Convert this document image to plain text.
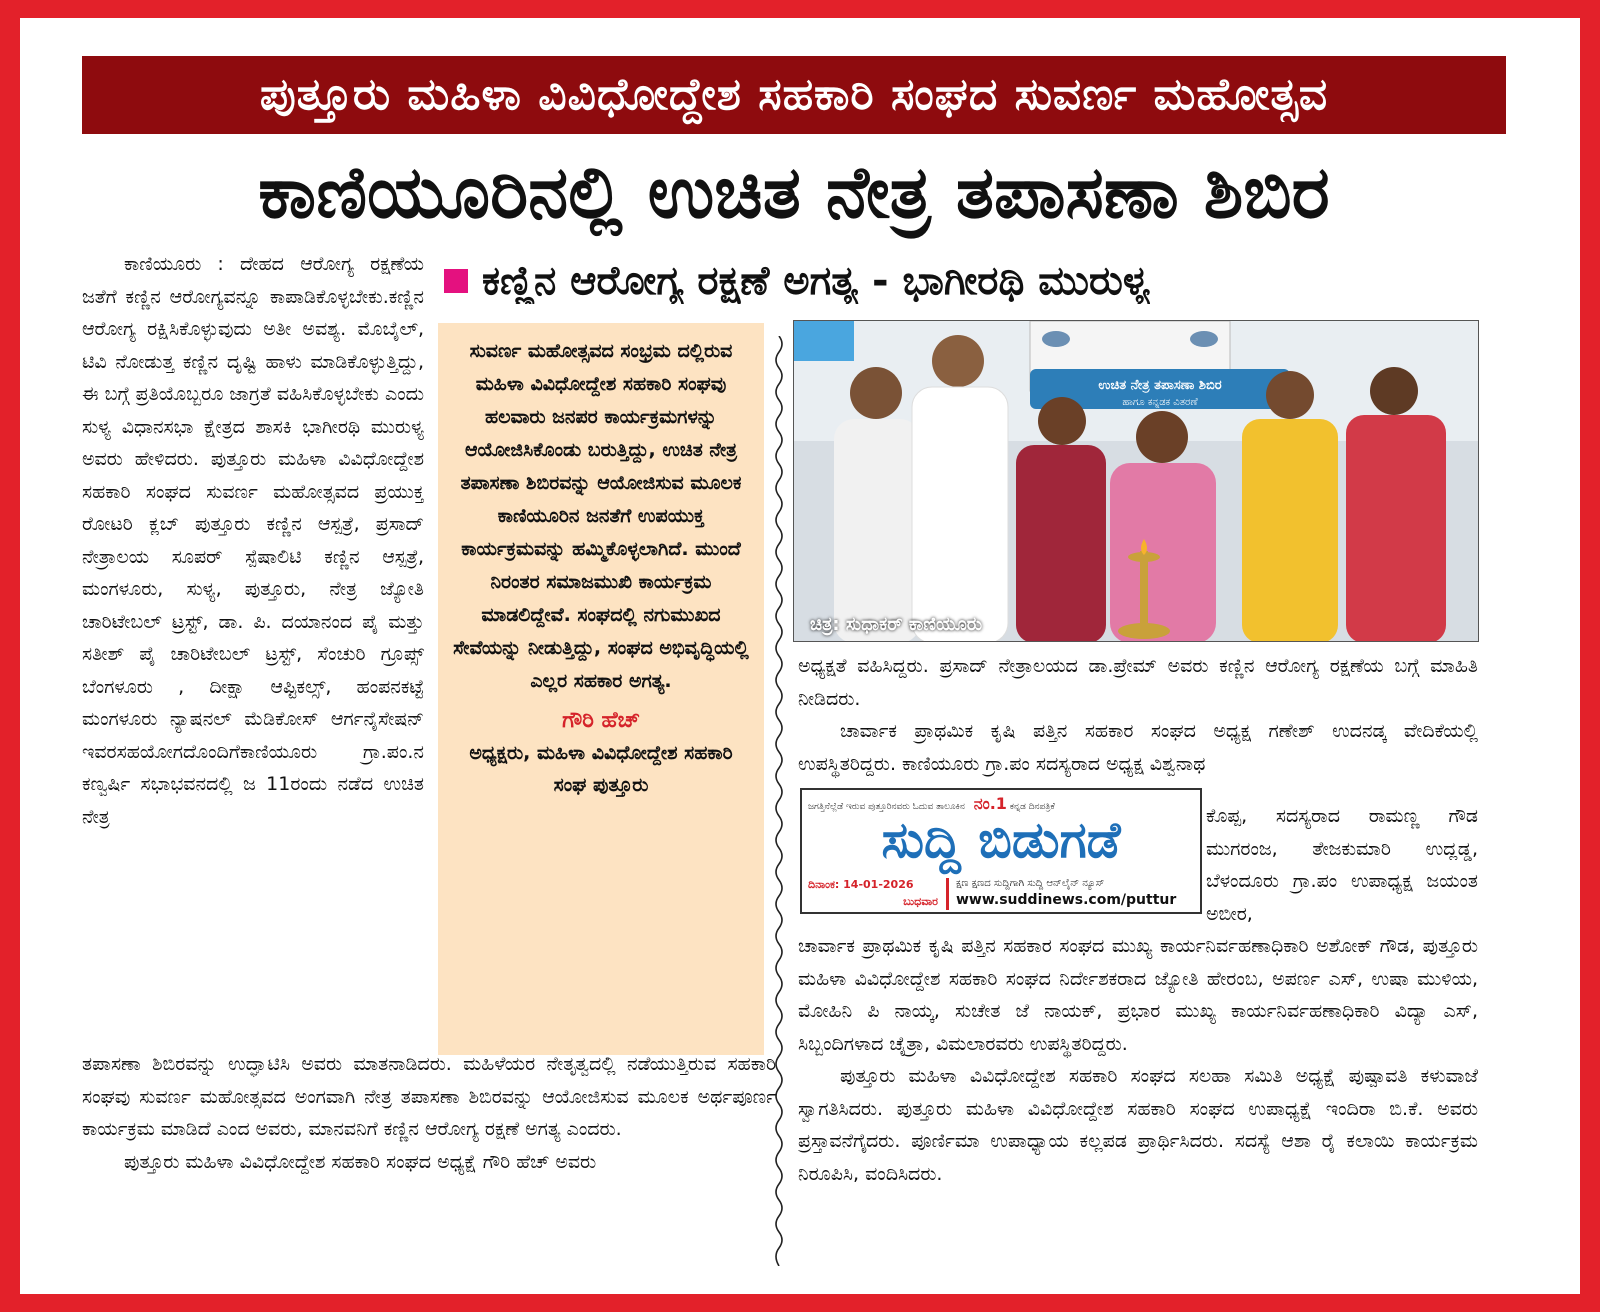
ಪುತ್ತೂರು ಮಹಿಳಾ ವಿವಿಧೋದ್ದೇಶ ಸಹಕಾರಿ ಸಂಘದ ಸುವರ್ಣ ಮಹೋತ್ಸವ
ಕಾಣಿಯೂರಿನಲ್ಲಿ ಉಚಿತ ನೇತ್ರ ತಪಾಸಣಾ ಶಿಬಿರ
ಕಣ್ಣಿನ ಆರೋಗ್ಯ ರಕ್ಷಣೆ ಅಗತ್ಯ - ಭಾಗೀರಥಿ ಮುರುಳ್ಯ

ಕಾಣಿಯೂರು : ದೇಹದ ಆರೋಗ್ಯ ರಕ್ಷಣೆಯ ಜತೆಗೆ ಕಣ್ಣಿನ ಆರೋಗ್ಯವನ್ನೂ ಕಾಪಾಡಿಕೊಳ್ಳಬೇಕು.ಕಣ್ಣಿನ ಆರೋಗ್ಯ ರಕ್ಷಿಸಿಕೊಳ್ಳುವುದು ಅತೀ ಅವಶ್ಯ. ಮೊಬೈಲ್, ಟಿವಿ ನೋಡುತ್ತ ಕಣ್ಣಿನ ದೃಷ್ಟಿ ಹಾಳು ಮಾಡಿಕೊಳ್ಳುತ್ತಿದ್ದು, ಈ ಬಗ್ಗೆ ಪ್ರತಿಯೊಬ್ಬರೂ ಜಾಗ್ರತೆ ವಹಿಸಿಕೊಳ್ಳಬೇಕು ಎಂದು ಸುಳ್ಯ ವಿಧಾನಸಭಾ ಕ್ಷೇತ್ರದ ಶಾಸಕಿ ಭಾಗೀರಥಿ ಮುರುಳ್ಯ ಅವರು ಹೇಳಿದರು. ಪುತ್ತೂರು ಮಹಿಳಾ ವಿವಿಧೋದ್ದೇಶ ಸಹಕಾರಿ ಸಂಘದ ಸುವರ್ಣ ಮಹೋತ್ಸವದ ಪ್ರಯುಕ್ತ ರೋಟರಿ ಕ್ಲಬ್ ಪುತ್ತೂರು ಕಣ್ಣಿನ ಆಸ್ಪತ್ರೆ, ಪ್ರಸಾದ್ ನೇತ್ರಾಲಯ ಸೂಪರ್ ಸ್ಪೆಷಾಲಿಟಿ ಕಣ್ಣಿನ ಆಸ್ಪತ್ರೆ, ಮಂಗಳೂರು, ಸುಳ್ಯ, ಪುತ್ತೂರು, ನೇತ್ರ ಜ್ಯೋತಿ ಚಾರಿಟೇಬಲ್ ಟ್ರಸ್ಟ್, ಡಾ. ಪಿ. ದಯಾನಂದ ಪೈ ಮತ್ತು ಸತೀಶ್ ಪೈ ಚಾರಿಟೇಬಲ್ ಟ್ರಸ್ಟ್, ಸೆಂಚುರಿ ಗ್ರೂಪ್ಸ್ ಬೆಂಗಳೂರು , ದೀಕ್ಷಾ ಆಪ್ಟಿಕಲ್ಸ್, ಹಂಪನಕಟ್ಟೆ ಮಂಗಳೂರು ನ್ಯಾಷನಲ್ ಮೆಡಿಕೋಸ್ ಆರ್ಗನೈಸೇಷನ್ ಇವರಸಹಯೋಗದೊಂದಿಗೆಕಾಣಿಯೂರು ಗ್ರಾ.ಪಂ.ನ ಕಣ್ವರ್ಷಿ ಸಭಾಭವನದಲ್ಲಿ ಜ 11ರಂದು ನಡೆದ ಉಚಿತ ನೇತ್ರ

ಸುವರ್ಣ ಮಹೋತ್ಸವದ ಸಂಭ್ರಮ ದಲ್ಲಿರುವ ಮಹಿಳಾ ವಿವಿಧೋದ್ದೇಶ ಸಹಕಾರಿ ಸಂಘವು ಹಲವಾರು ಜನಪರ ಕಾರ್ಯಕ್ರಮಗಳನ್ನು ಆಯೋಜಿಸಿಕೊಂಡು ಬರುತ್ತಿದ್ದು, ಉಚಿತ ನೇತ್ರ ತಪಾಸಣಾ ಶಿಬಿರವನ್ನು ಆಯೋಜಿಸುವ ಮೂಲಕ ಕಾಣಿಯೂರಿನ ಜನತೆಗೆ ಉಪಯುಕ್ತ ಕಾರ್ಯಕ್ರಮವನ್ನು ಹಮ್ಮಿಕೊಳ್ಳಲಾಗಿದೆ. ಮುಂದೆ ನಿರಂತರ ಸಮಾಜಮುಖಿ ಕಾರ್ಯಕ್ರಮ ಮಾಡಲಿದ್ದೇವೆ. ಸಂಘದಲ್ಲಿ ನಗುಮುಖದ ಸೇವೆಯನ್ನು ನೀಡುತ್ತಿದ್ದು, ಸಂಘದ ಅಭಿವೃದ್ಧಿಯಲ್ಲಿ ಎಲ್ಲರ ಸಹಕಾರ ಅಗತ್ಯ.
ಗೌರಿ ಹೆಚ್
ಅಧ್ಯಕ್ಷರು, ಮಹಿಳಾ ವಿವಿಧೋದ್ದೇಶ ಸಹಕಾರಿ ಸಂಘ ಪುತ್ತೂರು

ತಪಾಸಣಾ ಶಿಬಿರವನ್ನು ಉದ್ಘಾಟಿಸಿ ಅವರು ಮಾತನಾಡಿದರು. ಮಹಿಳೆಯರ ನೇತೃತ್ವದಲ್ಲಿ ನಡೆಯುತ್ತಿರುವ ಸಹಕಾರಿ ಸಂಘವು ಸುವರ್ಣ ಮಹೋತ್ಸವದ ಅಂಗವಾಗಿ ನೇತ್ರ ತಪಾಸಣಾ ಶಿಬಿರವನ್ನು ಆಯೋಜಿಸುವ ಮೂಲಕ ಅರ್ಥಪೂರ್ಣ ಕಾರ್ಯಕ್ರಮ ಮಾಡಿದೆ ಎಂದ ಅವರು, ಮಾನವನಿಗೆ ಕಣ್ಣಿನ ಆರೋಗ್ಯ ರಕ್ಷಣೆ ಅಗತ್ಯ ಎಂದರು.

ಪುತ್ತೂರು ಮಹಿಳಾ ವಿವಿಧೋದ್ದೇಶ ಸಹಕಾರಿ ಸಂಘದ ಅಧ್ಯಕ್ಷೆ ಗೌರಿ ಹೆಚ್ ಅವರು

ಉಚಿತ ನೇತ್ರ ತಪಾಸಣಾ ಶಿಬಿರ
ಹಾಗೂ ಕನ್ನಡಕ ವಿತರಣೆ
ಚಿತ್ರ: ಸುಧಾಕರ್ ಕಾಣಿಯೂರು

ಅಧ್ಯಕ್ಷತೆ ವಹಿಸಿದ್ದರು. ಪ್ರಸಾದ್ ನೇತ್ರಾಲಯದ ಡಾ.ಪ್ರೇಮ್ ಅವರು ಕಣ್ಣಿನ ಆರೋಗ್ಯ ರಕ್ಷಣೆಯ ಬಗ್ಗೆ ಮಾಹಿತಿ ನೀಡಿದರು.

ಚಾರ್ವಾಕ ಪ್ರಾಥಮಿಕ ಕೃಷಿ ಪತ್ತಿನ ಸಹಕಾರ ಸಂಘದ ಅಧ್ಯಕ್ಷ ಗಣೇಶ್ ಉದನಡ್ಕ ವೇದಿಕೆಯಲ್ಲಿ ಉಪಸ್ಥಿತರಿದ್ದರು. ಕಾಣಿಯೂರು ಗ್ರಾ.ಪಂ ಸದಸ್ಯರಾದ ಅಧ್ಯಕ್ಷ ವಿಶ್ವನಾಥ

ಜಗತ್ತಿನೆಲ್ಲೆಡೆ ಇರುವ ಪುತ್ತೂರಿನವರು ಓದುವ ತಾಲೂಕಿನ ನಂ.1 ಕನ್ನಡ ದಿನಪತ್ರಿಕೆ
ಸುದ್ದಿ ಬಿಡುಗಡೆ
ದಿನಾಂಕ: 14-01-2026
ಬುಧವಾರ
ಕ್ಷಣ ಕ್ಷಣದ ಸುದ್ದಿಗಾಗಿ ಸುದ್ದಿ ಆನ್‌ಲೈನ್ ನ್ಯೂಸ್
www.suddinews.com/puttur

ಕೊಪ್ಪ, ಸದಸ್ಯರಾದ ರಾಮಣ್ಣ ಗೌಡ ಮುಗರಂಜ, ತೇಜಕುಮಾರಿ ಉದ್ಲಡ್ಡ, ಬೆಳಂದೂರು ಗ್ರಾ.ಪಂ ಉಪಾಧ್ಯಕ್ಷ ಜಯಂತ ಅಬೀರ,

ಚಾರ್ವಾಕ ಪ್ರಾಥಮಿಕ ಕೃಷಿ ಪತ್ತಿನ ಸಹಕಾರ ಸಂಘದ ಮುಖ್ಯ ಕಾರ್ಯನಿರ್ವಹಣಾಧಿಕಾರಿ ಅಶೋಕ್ ಗೌಡ, ಪುತ್ತೂರು ಮಹಿಳಾ ವಿವಿಧೋದ್ದೇಶ ಸಹಕಾರಿ ಸಂಘದ ನಿರ್ದೇಶಕರಾದ ಜ್ಯೋತಿ ಹೇರಂಬ, ಅಪರ್ಣ ಎಸ್, ಉಷಾ ಮುಳಿಯ, ಮೋಹಿನಿ ಪಿ ನಾಯ್ಕ, ಸುಚೇತ ಜೆ ನಾಯಕ್, ಪ್ರಭಾರ ಮುಖ್ಯ ಕಾರ್ಯನಿರ್ವಹಣಾಧಿಕಾರಿ ವಿದ್ಯಾ ಎಸ್, ಸಿಬ್ಬಂದಿಗಳಾದ ಚೈತ್ರಾ, ವಿಮಲಾರವರು ಉಪಸ್ಥಿತರಿದ್ದರು.

ಪುತ್ತೂರು ಮಹಿಳಾ ವಿವಿಧೋದ್ದೇಶ ಸಹಕಾರಿ ಸಂಘದ ಸಲಹಾ ಸಮಿತಿ ಅಧ್ಯಕ್ಷೆ ಪುಷ್ಪಾವತಿ ಕಳುವಾಜೆ ಸ್ವಾಗತಿಸಿದರು. ಪುತ್ತೂರು ಮಹಿಳಾ ವಿವಿಧೋದ್ದೇಶ ಸಹಕಾರಿ ಸಂಘದ ಉಪಾಧ್ಯಕ್ಷೆ ಇಂದಿರಾ ಬಿ.ಕೆ. ಅವರು ಪ್ರಸ್ತಾವನೆಗೈದರು. ಪೂರ್ಣಿಮಾ ಉಪಾಧ್ಯಾಯ ಕಲ್ಲಪಡ ಪ್ರಾರ್ಥಿಸಿದರು. ಸದಸ್ಯೆ ಆಶಾ ರೈ ಕಲಾಯಿ ಕಾರ್ಯಕ್ರಮ ನಿರೂಪಿಸಿ, ವಂದಿಸಿದರು.
